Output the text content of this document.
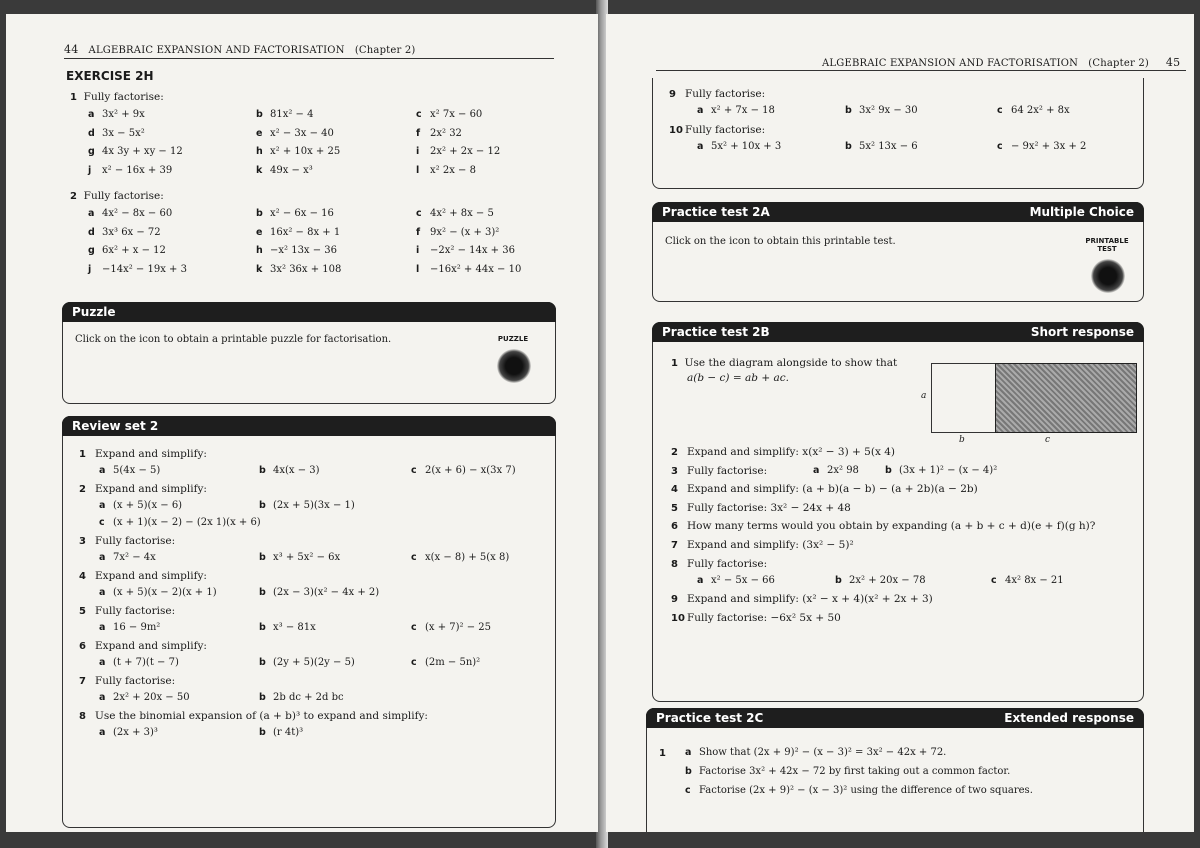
44 ALGEBRAIC EXPANSION AND FACTORISATION (Chapter 2)
EXERCISE 2H
1 Fully factorise:
a 3x² + 9x	b 81x² − 4	c x² 7x − 60
d 3x − 5x²	e x² − 3x − 40	f 2x² 32
g 4x 3y + xy − 12	h x² + 10x + 25	i 2x² + 2x − 12
j x² − 16x + 39	k 49x − x³	l x² 2x − 8
2 Fully factorise:
a 4x² − 8x − 60	b x² − 6x − 16	c 4x² + 8x − 5
d 3x³ 6x − 72	e 16x² − 8x + 1	f 9x² − (x + 3)²
g 6x² + x − 12	h −x² 13x − 36	i −2x² − 14x + 36
j −14x² − 19x + 3	k 3x² 36x + 108	l −16x² + 44x − 10
Puzzle
Click on the icon to obtain a printable puzzle for factorisation.	PUZZLE
Review set 2
1 Expand and simplify:
a 5(4x − 5)	b 4x(x − 3)	c 2(x + 6) − x(3x 7)
2 Expand and simplify:
a (x + 5)(x − 6)	b (2x + 5)(3x − 1)
c (x + 1)(x − 2) − (2x 1)(x + 6)
3 Fully factorise:
a 7x² − 4x	b x³ + 5x² − 6x	c x(x − 8) + 5(x 8)
4 Expand and simplify:
a (x + 5)(x − 2)(x + 1)	b (2x − 3)(x² − 4x + 2)
5 Fully factorise:
a 16 − 9m²	b x³ − 81x	c (x + 7)² − 25
6 Expand and simplify:
a (t + 7)(t − 7)	b (2y + 5)(2y − 5)	c (2m − 5n)²
7 Fully factorise:
a 2x² + 20x − 50	b 2b dc + 2d bc
8 Use the binomial expansion of (a + b)³ to expand and simplify:
a (2x + 3)³	b (r 4t)³
ALGEBRAIC EXPANSION AND FACTORISATION (Chapter 2) 45
9 Fully factorise:
a x² + 7x − 18	b 3x² 9x − 30	c 64 2x² + 8x
10 Fully factorise:
a 5x² + 10x + 3	b 5x² 13x − 6	c − 9x² + 3x + 2
Practice test 2A	Multiple Choice
Click on the icon to obtain this printable test.	PRINTABLE TEST
Practice test 2B	Short response
1 Use the diagram alongside to show that
a(b − c) = ab + ac.
a
b	c
2 Expand and simplify: x(x² − 3) + 5(x 4)
3 Fully factorise:	a 2x² 98	b (3x + 1)² − (x − 4)²
4 Expand and simplify: (a + b)(a − b) − (a + 2b)(a − 2b)
5 Fully factorise: 3x² − 24x + 48
6 How many terms would you obtain by expanding (a + b + c + d)(e + f)(g h)?
7 Expand and simplify: (3x² − 5)²
8 Fully factorise:
a x² − 5x − 66	b 2x² + 20x − 78	c 4x² 8x − 21
9 Expand and simplify: (x² − x + 4)(x² + 2x + 3)
10 Fully factorise: −6x² 5x + 50
Practice test 2C	Extended response
1 a Show that (2x + 9)² − (x − 3)² = 3x² − 42x + 72.
b Factorise 3x² + 42x − 72 by first taking out a common factor.
c Factorise (2x + 9)² − (x − 3)² using the difference of two squares.
